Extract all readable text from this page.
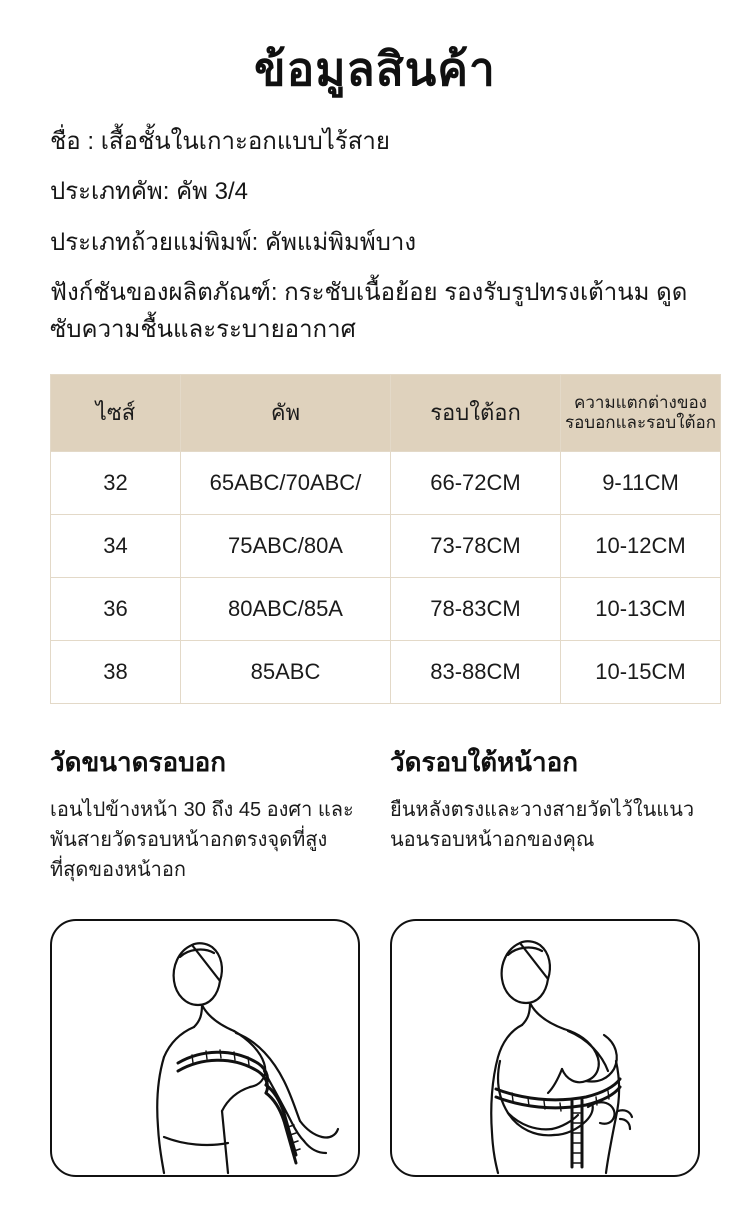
ข้อมูลสินค้า
ชื่อ : เสื้อชั้นในเกาะอกแบบไร้สาย
ประเภทคัพ: คัพ 3/4
ประเภทถ้วยแม่พิมพ์: คัพแม่พิมพ์บาง
ฟังก์ชันของผลิตภัณฑ์: กระชับเนื้อย้อย รองรับรูปทรงเต้านม ดูดซับความชื้นและระบายอากาศ
ไซส์	คัพ	รอบใต้อก	ความแตกต่างของรอบอกและรอบใต้อก
32	65ABC/70ABC/	66-72CM	9-11CM
34	75ABC/80A	73-78CM	10-12CM
36	80ABC/85A	78-83CM	10-13CM
38	85ABC	83-88CM	10-15CM
วัดขนาดรอบอก
เอนไปข้างหน้า 30 ถึง 45 องศา และพันสายวัดรอบหน้าอกตรงจุดที่สูงที่สุดของหน้าอก
วัดรอบใต้หน้าอก
ยืนหลังตรงและวางสายวัดไว้ในแนวนอนรอบหน้าอกของคุณ
